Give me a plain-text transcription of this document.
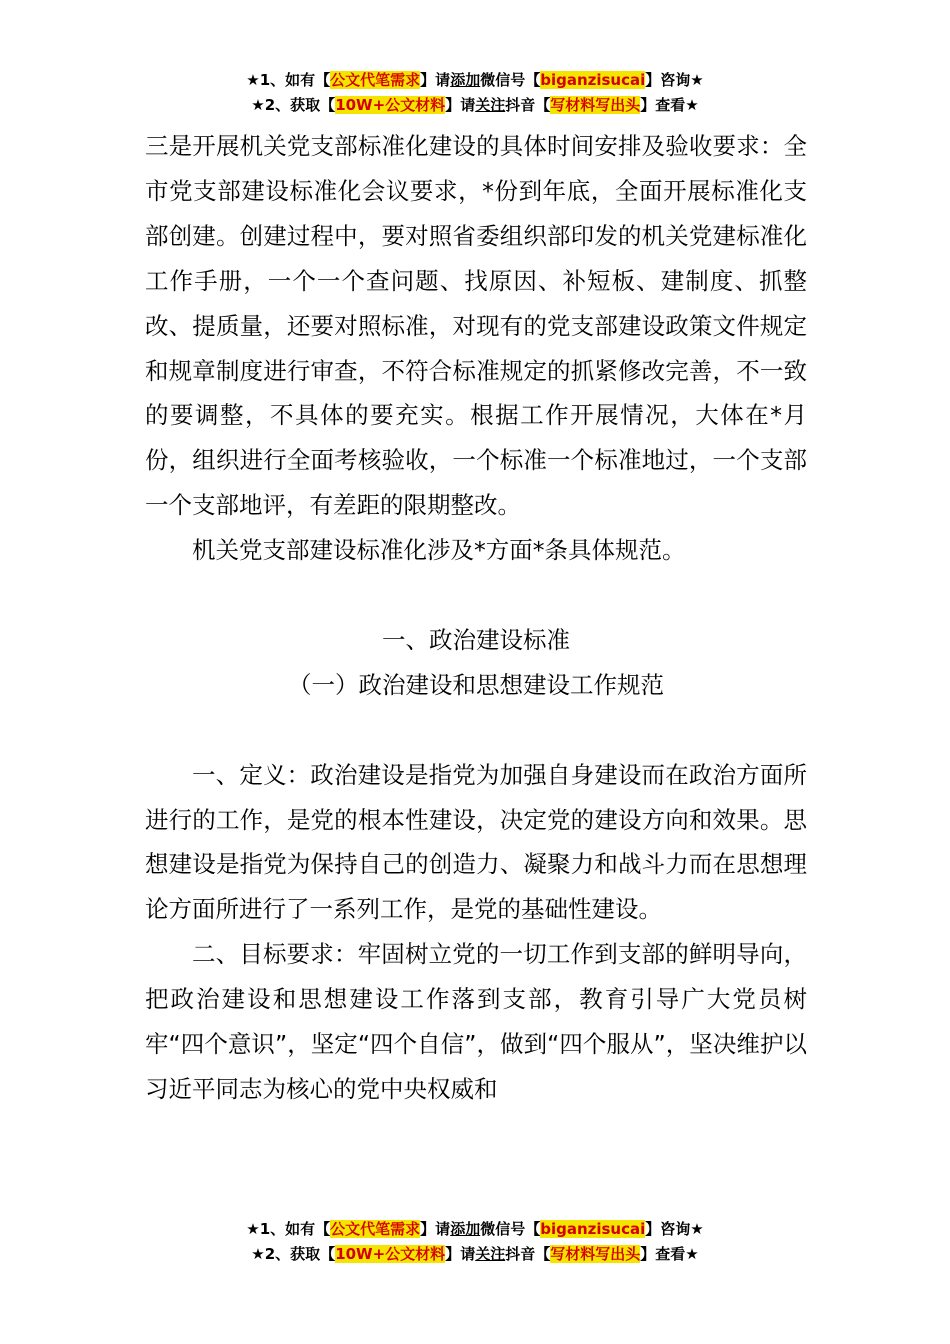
★1、如有【公文代笔需求】请添加微信号【biganzisucai】咨询★
★2、获取【10W+公文材料】请关注抖音【写材料写出头】查看★

三是开展机关党支部标准化建设的具体时间安排及验收要求：全市党支部建设标准化会议要求，*份到年底，全面开展标准化支部创建。创建过程中，要对照省委组织部印发的机关党建标准化工作手册，一个一个查问题、找原因、补短板、建制度、抓整改、提质量，还要对照标准，对现有的党支部建设政策文件规定和规章制度进行审查，不符合标准规定的抓紧修改完善，不一致的要调整，不具体的要充实。根据工作开展情况，大体在*月份，组织进行全面考核验收，一个标准一个标准地过，一个支部一个支部地评，有差距的限期整改。

机关党支部建设标准化涉及*方面*条具体规范。

一、政治建设标准

（一）政治建设和思想建设工作规范

一、定义：政治建设是指党为加强自身建设而在政治方面所进行的工作，是党的根本性建设，决定党的建设方向和效果。思想建设是指党为保持自己的创造力、凝聚力和战斗力而在思想理论方面所进行了一系列工作，是党的基础性建设。

二、目标要求：牢固树立党的一切工作到支部的鲜明导向，把政治建设和思想建设工作落到支部，教育引导广大党员树牢“四个意识”，坚定“四个自信”，做到“四个服从”，坚决维护以习近平同志为核心的党中央权威和

★1、如有【公文代笔需求】请添加微信号【biganzisucai】咨询★
★2、获取【10W+公文材料】请关注抖音【写材料写出头】查看★
